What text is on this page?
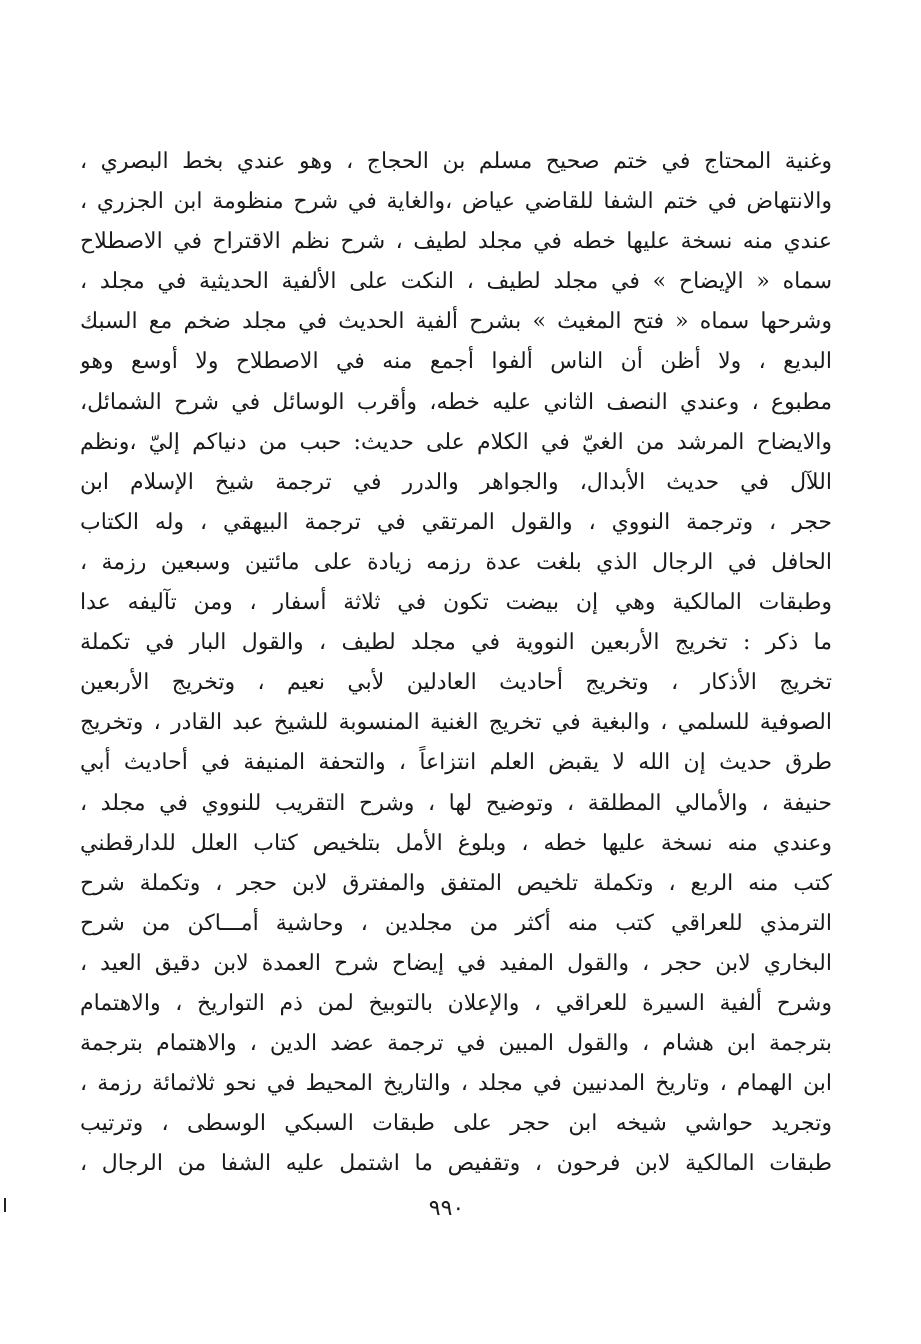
وغنية المحتاج في ختم صحيح مسلم بن الحجاج ، وهو عندي بخط البصري ،
والانتهاض في ختم الشفا للقاضي عياض ،والغاية في شرح منظومة ابن الجزري ،
عندي منه نسخة عليها خطه في مجلد لطيف ، شرح نظم الاقتراح في الاصطلاح
سماه « الإيضاح » في مجلد لطيف ، النكت على الألفية الحديثية في مجلد ،
وشرحها سماه « فتح المغيث » بشرح ألفية الحديث في مجلد ضخم مع السبك
البديع ، ولا أظن أن الناس ألفوا أجمع منه في الاصطلاح ولا أوسع وهو
مطبوع ، وعندي النصف الثاني عليه خطه، وأقرب الوسائل في شرح الشمائل،
والايضاح المرشد من الغيّ في الكلام على حديث: حبب من دنياكم إليّ ،ونظم
اللآل في حديث الأبدال، والجواهر والدرر في ترجمة شيخ الإسلام ابن
حجر ، وترجمة النووي ، والقول المرتقي في ترجمة البيهقي ، وله الكتاب
الحافل في الرجال الذي بلغت عدة رزمه زيادة على مائتين وسبعين رزمة ،
وطبقات المالكية وهي إن بيضت تكون في ثلاثة أسفار ، ومن تآليفه عدا
ما ذكر : تخريج الأربعين النووية في مجلد لطيف ، والقول البار في تكملة
تخريج الأذكار ، وتخريج أحاديث العادلين لأبي نعيم ، وتخريج الأربعين
الصوفية للسلمي ، والبغية في تخريج الغنية المنسوبة للشيخ عبد القادر ، وتخريج
طرق حديث إن الله لا يقبض العلم انتزاعاً ، والتحفة المنيفة في أحاديث أبي
حنيفة ، والأمالي المطلقة ، وتوضيح لها ، وشرح التقريب للنووي في مجلد ،
وعندي منه نسخة عليها خطه ، وبلوغ الأمل بتلخيص كتاب العلل للدارقطني
كتب منه الربع ، وتكملة تلخيص المتفق والمفترق لابن حجر ، وتكملة شرح
الترمذي للعراقي كتب منه أكثر من مجلدين ، وحاشية أمـــاكن من شرح
البخاري لابن حجر ، والقول المفيد في إيضاح شرح العمدة لابن دقيق العيد ،
وشرح ألفية السيرة للعراقي ، والإعلان بالتوبيخ لمن ذم التواريخ ، والاهتمام
بترجمة ابن هشام ، والقول المبين في ترجمة عضد الدين ، والاهتمام بترجمة
ابن الهمام ، وتاريخ المدنيين في مجلد ، والتاريخ المحيط في نحو ثلاثمائة رزمة ،
وتجريد حواشي شيخه ابن حجر على طبقات السبكي الوسطى ، وترتيب
طبقات المالكية لابن فرحون ، وتقفيص ما اشتمل عليه الشفا من الرجال ،
٩٩٠
